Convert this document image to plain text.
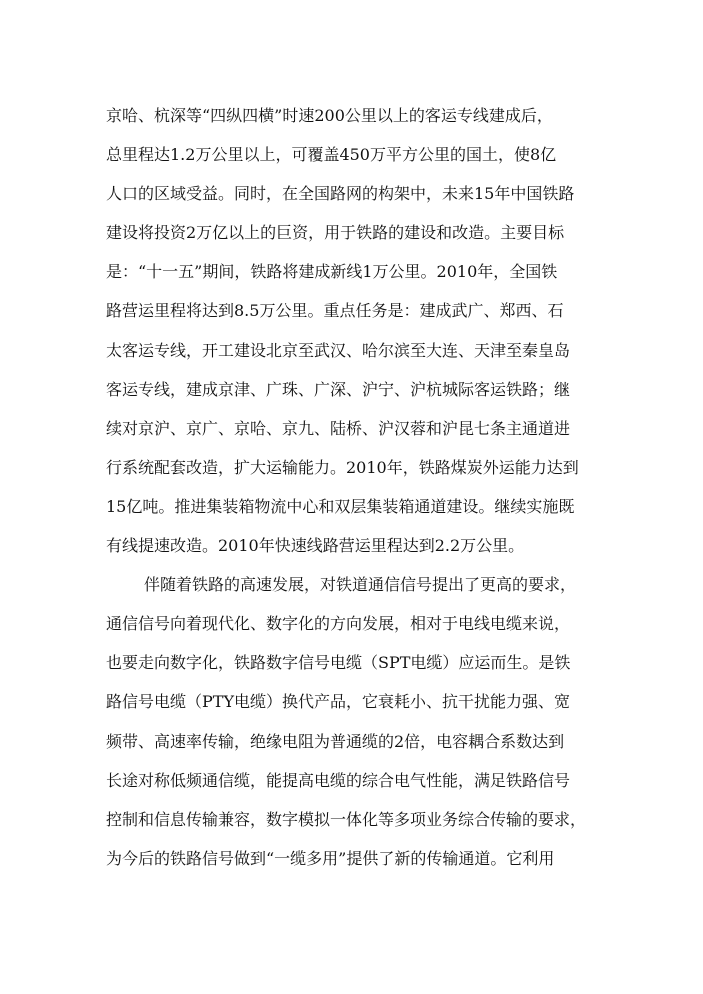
京哈、杭深等“四纵四横”时速200公里以上的客运专线建成后，
总里程达1.2万公里以上，可覆盖450万平方公里的国土，使8亿
人口的区域受益。同时，在全国路网的构架中，未来15年中国铁路
建设将投资2万亿以上的巨资，用于铁路的建设和改造。主要目标
是：“十一五”期间，铁路将建成新线1万公里。2010年，全国铁
路营运里程将达到8.5万公里。重点任务是：建成武广、郑西、石
太客运专线，开工建设北京至武汉、哈尔滨至大连、天津至秦皇岛
客运专线，建成京津、广珠、广深、沪宁、沪杭城际客运铁路；继
续对京沪、京广、京哈、京九、陆桥、沪汉蓉和沪昆七条主通道进
行系统配套改造，扩大运输能力。2010年，铁路煤炭外运能力达到
15亿吨。推进集装箱物流中心和双层集装箱通道建设。继续实施既
有线提速改造。2010年快速线路营运里程达到2.2万公里。
伴随着铁路的高速发展，对铁道通信信号提出了更高的要求，
通信信号向着现代化、数字化的方向发展，相对于电线电缆来说，
也要走向数字化，铁路数字信号电缆（SPT电缆）应运而生。是铁
路信号电缆（PTY电缆）换代产品，它衰耗小、抗干扰能力强、宽
频带、高速率传输，绝缘电阻为普通缆的2倍，电容耦合系数达到
长途对称低频通信缆，能提高电缆的综合电气性能，满足铁路信号
控制和信息传输兼容，数字模拟一体化等多项业务综合传输的要求，
为今后的铁路信号做到“一缆多用”提供了新的传输通道。它利用
